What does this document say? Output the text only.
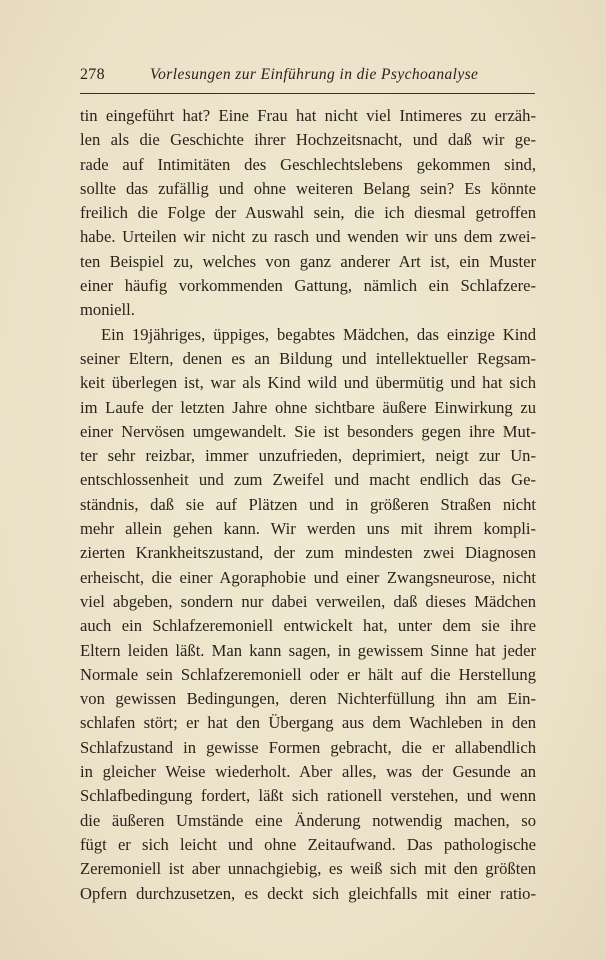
278	Vorlesungen zur Einführung in die Psychoanalyse
tin eingeführt hat? Eine Frau hat nicht viel Intimeres zu erzäh-
len als die Geschichte ihrer Hochzeitsnacht, und daß wir ge-
rade auf Intimitäten des Geschlechtslebens gekommen sind,
sollte das zufällig und ohne weiteren Belang sein? Es könnte
freilich die Folge der Auswahl sein, die ich diesmal getroffen
habe. Urteilen wir nicht zu rasch und wenden wir uns dem zwei-
ten Beispiel zu, welches von ganz anderer Art ist, ein Muster
einer häufig vorkommenden Gattung, nämlich ein Schlafzere-
moniell.
Ein 19jähriges, üppiges, begabtes Mädchen, das einzige Kind
seiner Eltern, denen es an Bildung und intellektueller Regsam-
keit überlegen ist, war als Kind wild und übermütig und hat sich
im Laufe der letzten Jahre ohne sichtbare äußere Einwirkung zu
einer Nervösen umgewandelt. Sie ist besonders gegen ihre Mut-
ter sehr reizbar, immer unzufrieden, deprimiert, neigt zur Un-
entschlossenheit und zum Zweifel und macht endlich das Ge-
ständnis, daß sie auf Plätzen und in größeren Straßen nicht
mehr allein gehen kann. Wir werden uns mit ihrem kompli-
zierten Krankheitszustand, der zum mindesten zwei Diagnosen
erheischt, die einer Agoraphobie und einer Zwangsneurose, nicht
viel abgeben, sondern nur dabei verweilen, daß dieses Mädchen
auch ein Schlafzeremoniell entwickelt hat, unter dem sie ihre
Eltern leiden läßt. Man kann sagen, in gewissem Sinne hat jeder
Normale sein Schlafzeremoniell oder er hält auf die Herstellung
von gewissen Bedingungen, deren Nichterfüllung ihn am Ein-
schlafen stört; er hat den Übergang aus dem Wachleben in den
Schlafzustand in gewisse Formen gebracht, die er allabendlich
in gleicher Weise wiederholt. Aber alles, was der Gesunde an
Schlafbedingung fordert, läßt sich rationell verstehen, und wenn
die äußeren Umstände eine Änderung notwendig machen, so
fügt er sich leicht und ohne Zeitaufwand. Das pathologische
Zeremoniell ist aber unnachgiebig, es weiß sich mit den größten
Opfern durchzusetzen, es deckt sich gleichfalls mit einer ratio-
